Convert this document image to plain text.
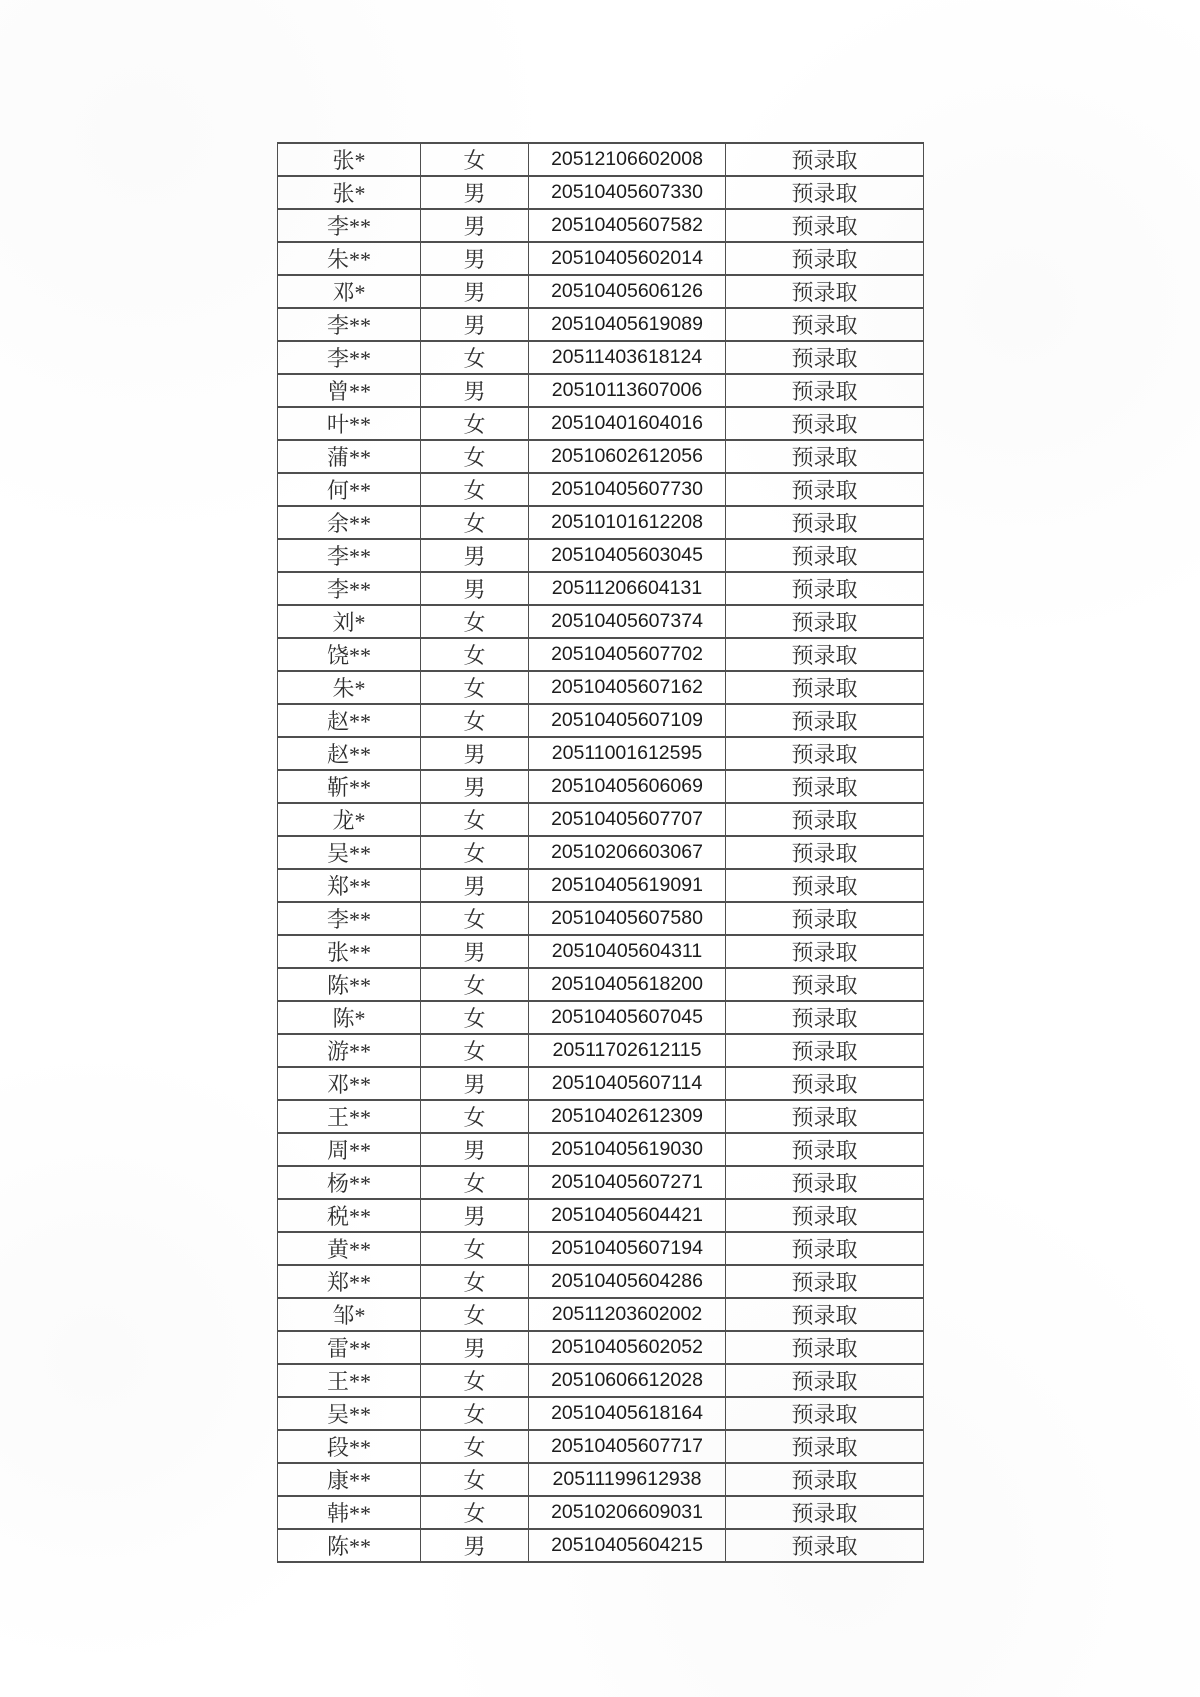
张*	女	20512106602008	预录取
张*	男	20510405607330	预录取
李**	男	20510405607582	预录取
朱**	男	20510405602014	预录取
邓*	男	20510405606126	预录取
李**	男	20510405619089	预录取
李**	女	20511403618124	预录取
曾**	男	20510113607006	预录取
叶**	女	20510401604016	预录取
蒲**	女	20510602612056	预录取
何**	女	20510405607730	预录取
余**	女	20510101612208	预录取
李**	男	20510405603045	预录取
李**	男	20511206604131	预录取
刘*	女	20510405607374	预录取
饶**	女	20510405607702	预录取
朱*	女	20510405607162	预录取
赵**	女	20510405607109	预录取
赵**	男	20511001612595	预录取
靳**	男	20510405606069	预录取
龙*	女	20510405607707	预录取
吴**	女	20510206603067	预录取
郑**	男	20510405619091	预录取
李**	女	20510405607580	预录取
张**	男	20510405604311	预录取
陈**	女	20510405618200	预录取
陈*	女	20510405607045	预录取
游**	女	20511702612115	预录取
邓**	男	20510405607114	预录取
王**	女	20510402612309	预录取
周**	男	20510405619030	预录取
杨**	女	20510405607271	预录取
税**	男	20510405604421	预录取
黄**	女	20510405607194	预录取
郑**	女	20510405604286	预录取
邹*	女	20511203602002	预录取
雷**	男	20510405602052	预录取
王**	女	20510606612028	预录取
吴**	女	20510405618164	预录取
段**	女	20510405607717	预录取
康**	女	20511199612938	预录取
韩**	女	20510206609031	预录取
陈**	男	20510405604215	预录取
